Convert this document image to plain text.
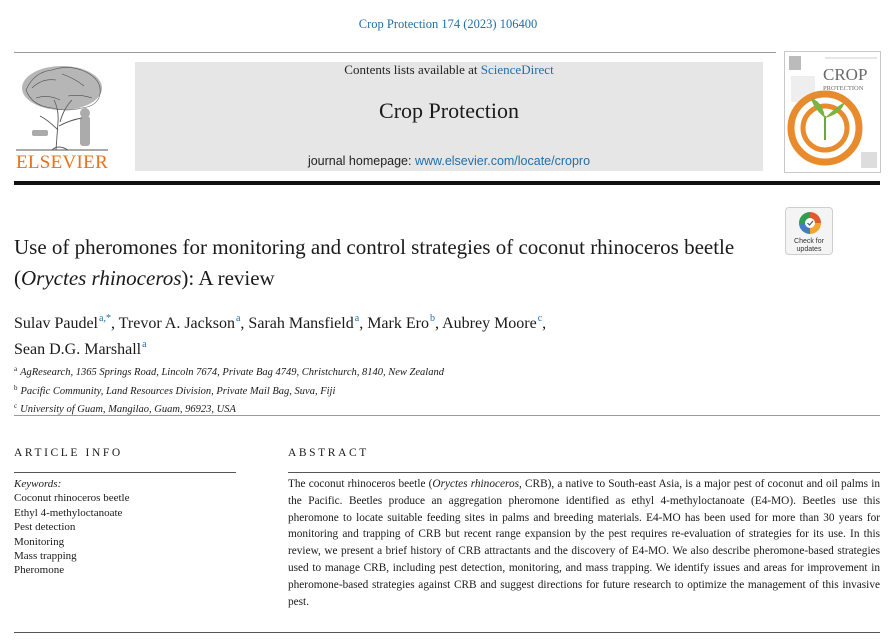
Crop Protection 174 (2023) 106400
ELSEVIER
Contents lists available at ScienceDirect
Crop Protection
journal homepage: www.elsevier.com/locate/cropro
CROP
PROTECTION
Check for
updates
Use of pheromones for monitoring and control strategies of coconut rhinoceros beetle (Oryctes rhinoceros): A review
Sulav Paudel$^{a,*}$, Trevor A. Jackson$^a$, Sarah Mansfield$^a$, Mark Ero$^b$, Aubrey Moore$^c$,
Sean D.G. Marshall$^a$
$^a$ AgResearch, 1365 Springs Road, Lincoln 7674, Private Bag 4749, Christchurch, 8140, New Zealand
$^b$ Pacific Community, Land Resources Division, Private Mail Bag, Suva, Fiji
$^c$ University of Guam, Mangilao, Guam, 96923, USA
ARTICLE INFO	ABSTRACT
Keywords:
Coconut rhinoceros beetle
Ethyl 4-methyloctanoate
Pest detection
Monitoring
Mass trapping
Pheromone

The coconut rhinoceros beetle (Oryctes rhinoceros, CRB), a native to South-east Asia, is a major pest of coconut and oil palms in the Pacific. Beetles produce an aggregation pheromone identified as ethyl 4-methyloctanoate (E4-MO). Beetles use this pheromone to locate suitable feeding sites in palms and breeding materials. E4-MO has been used for more than 30 years for monitoring and trapping of CRB but recent range expansion by the pest requires re-evaluation of strategies for its use. In this review, we present a brief history of CRB attractants and the discovery of E4-MO. We also describe pheromone-based strategies used to manage CRB, including pest detection, monitoring, and mass trapping. We identify issues and areas for improvement in pheromone-based strategies against CRB and suggest directions for future research to optimize the management of this invasive pest.
